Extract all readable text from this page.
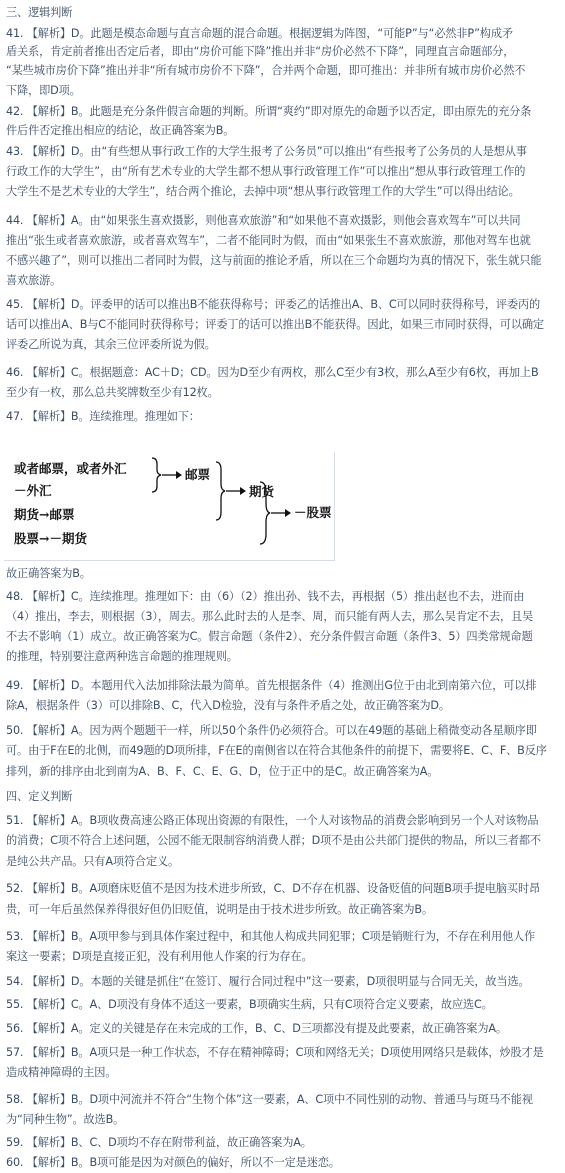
三、逻辑判断
41. 【解析】D。此题是模态命题与直言命题的混合命题。根据逻辑为阵图，“可能P”与“必然非P”构成矛
盾关系，肯定前者推出否定后者，即由“房价可能下降”推出并非“房价必然不下降”，同理直言命题部分，
“某些城市房价下降”推出并非“所有城市房价不下降”，合并两个命题，即可推出：并非所有城市房价必然不
下降，即D项。
42. 【解析】B。此题是充分条件假言命题的判断。所谓“爽约”即对原先的命题予以否定，即由原先的充分条
件后件否定推出相应的结论，故正确答案为B。
43. 【解析】D。由“有些想从事行政工作的大学生报考了公务员”可以推出“有些报考了公务员的人是想从事
行政工作的大学生”，由“所有艺术专业的大学生都不想从事行政管理工作”可以推出“想从事行政管理工作的
大学生不是艺术专业的大学生”，结合两个推论，去掉中项“想从事行政管理工作的大学生”可以得出结论。
44. 【解析】A。由“如果张生喜欢摄影，则他喜欢旅游”和“如果他不喜欢摄影，则他会喜欢驾车”可以共同
推出“张生或者喜欢旅游，或者喜欢驾车”，二者不能同时为假，而由“如果张生不喜欢旅游，那他对驾车也就
不感兴趣了”，则可以推出二者同时为假，这与前面的推论矛盾，所以在三个命题均为真的情况下，张生就只能
喜欢旅游。
45. 【解析】D。评委甲的话可以推出B不能获得称号；评委乙的话推出A、B、C可以同时获得称号，评委丙的
话可以推出A、B与C不能同时获得称号；评委丁的话可以推出B不能获得。因此，如果三市同时获得，可以确定
评委乙所说为真，其余三位评委所说为假。
46. 【解析】C。根据题意：AC＋D；CD。因为D至少有两枚，那么C至少有3枚，那么A至少有6枚，再加上B
至少有一枚，那么总共奖牌数至少有12枚。
47. 【解析】B。连续推理。推理如下：
或者邮票，或者外汇
－外汇
期货→邮票
股票→－期货
邮票
期货
－股票
故正确答案为B。
48. 【解析】C。连续推理。推理如下：由（6）（2）推出孙、钱不去，再根据（5）推出赵也不去，进而由
（4）推出，李去，则根据（3），周去。那么此时去的人是李、周，而只能有两人去，那么吴肯定不去，且吴
不去不影响（1）成立。故正确答案为C。假言命题（条件2）、充分条件假言命题（条件3、5）四类常规命题
的推理，特别要注意两种选言命题的推理规则。
49. 【解析】D。本题用代入法加排除法最为简单。首先根据条件（4）推测出G位于由北到南第六位，可以排
除A，根据条件（3）可以排除B、C，代入D检验，没有与条件矛盾之处，故正确答案为D。
50. 【解析】A。因为两个题题干一样，所以50个条件仍必须符合。可以在49题的基础上稍微变动各星顺序即
可。由于F在E的北侧，而49题的D项所排，F在E的南侧省以在符合其他条件的前提下，需要将E、C、F、B反序
排列，新的排序由北到南为A、B、F、C、E、G、D，位于正中的是C。故正确答案为A。
四、定义判断
51. 【解析】A。B项收费高速公路正体现出资源的有限性，一个人对该物品的消费会影响到另一个人对该物品
的消费；C项不符合上述问题，公园不能无限制容纳消费人群；D项不是由公共部门提供的物品，所以三者都不
是纯公共产品。只有A项符合定义。
52. 【解析】B。A项磨床贬值不是因为技术进步所致，C、D不存在机器、设备贬值的问题B项手提电脑买时昂
贵，可一年后虽然保养得很好但仍旧贬值，说明是由于技术进步所致。故正确答案为B。
53. 【解析】B。A项甲参与到具体作案过程中，和其他人构成共同犯罪；C项是销赃行为，不存在利用他人作
案这一要素；D项是直接正犯，没有利用他人作案的行为存在。
54. 【解析】D。本题的关键是抓住“在签订、履行合同过程中”这一要素，D项很明显与合同无关，故当选。
55. 【解析】C。A、D项没有身体不适这一要素，B项确实生病，只有C项符合定义要素，故应选C。
56. 【解析】A。定义的关键是存在未完成的工作，B、C、D三项都没有提及此要素，故正确答案为A。
57. 【解析】B。A项只是一种工作状态，不存在精神障碍；C项和网络无关；D项使用网络只是载体，炒股才是
造成精神障碍的主因。
58. 【解析】B。D项中河流并不符合“生物个体”这一要素，A、C项中不同性别的动物、普通马与斑马不能视
为“同种生物”。故选B。
59. 【解析】B、C、D项均不存在附带利益，故正确答案为A。
60. 【解析】B。B项可能是因为对颜色的偏好，所以不一定是迷恋。
